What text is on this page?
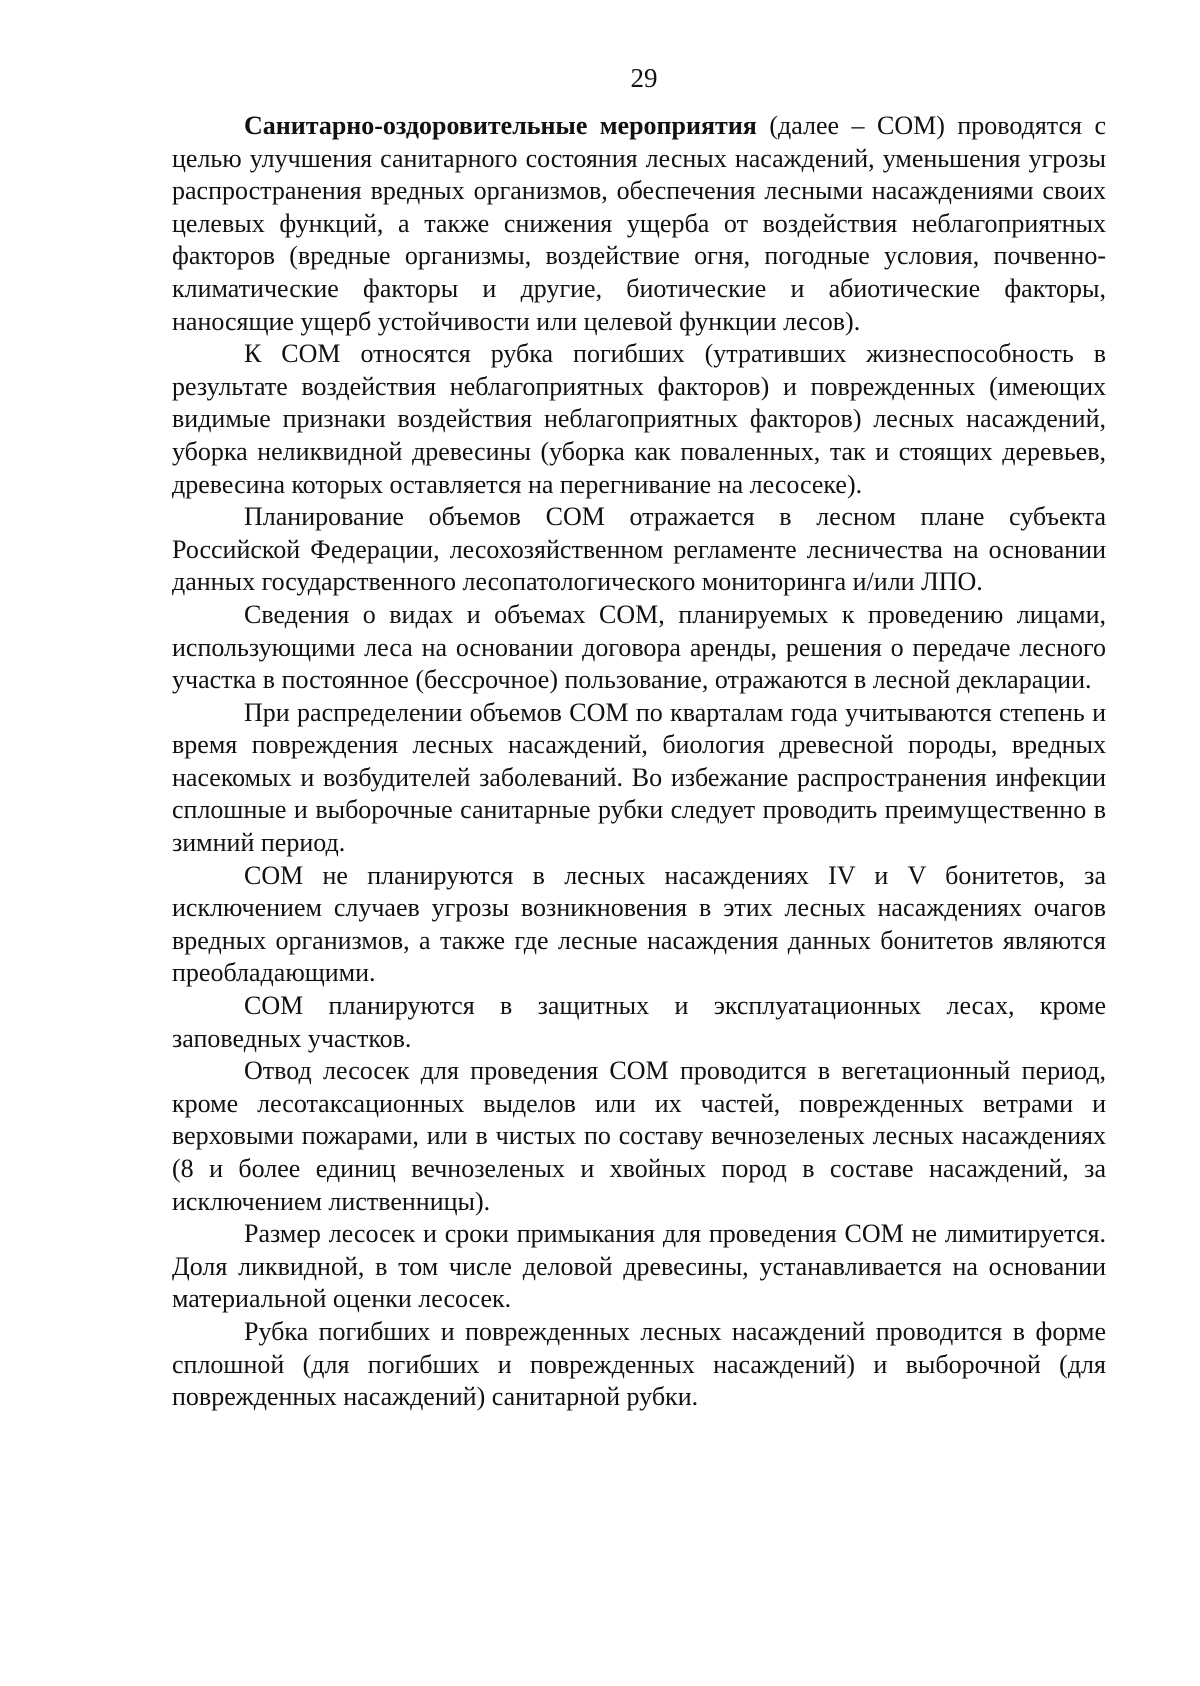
29

Санитарно-оздоровительные мероприятия (далее – СОМ) проводятся с целью улучшения санитарного состояния лесных насаждений, уменьшения угрозы распространения вредных организмов, обеспечения лесными насаждениями своих целевых функций, а также снижения ущерба от воздействия неблагоприятных факторов (вредные организмы, воздействие огня, погодные условия, почвенно-климатические факторы и другие, биотические и абиотические факторы, наносящие ущерб устойчивости или целевой функции лесов).

К СОМ относятся рубка погибших (утративших жизнеспособность в результате воздействия неблагоприятных факторов) и поврежденных (имеющих видимые признаки воздействия неблагоприятных факторов) лесных насаждений, уборка неликвидной древесины (уборка как поваленных, так и стоящих деревьев, древесина которых оставляется на перегнивание на лесосеке).

Планирование объемов СОМ отражается в лесном плане субъекта Российской Федерации, лесохозяйственном регламенте лесничества на основании данных государственного лесопатологического мониторинга и/или ЛПО.

Сведения о видах и объемах СОМ, планируемых к проведению лицами, использующими леса на основании договора аренды, решения о передаче лесного участка в постоянное (бессрочное) пользование, отражаются в лесной декларации.

При распределении объемов СОМ по кварталам года учитываются степень и время повреждения лесных насаждений, биология древесной породы, вредных насекомых и возбудителей заболеваний. Во избежание распространения инфекции сплошные и выборочные санитарные рубки следует проводить преимущественно в зимний период.

СОМ не планируются в лесных насаждениях IV и V бонитетов, за исключением случаев угрозы возникновения в этих лесных насаждениях очагов вредных организмов, а также где лесные насаждения данных бонитетов являются преобладающими.

СОМ планируются в защитных и эксплуатационных лесах, кроме заповедных участков.

Отвод лесосек для проведения СОМ проводится в вегетационный период, кроме лесотаксационных выделов или их частей, поврежденных ветрами и верховыми пожарами, или в чистых по составу вечнозеленых лесных насаждениях (8 и более единиц вечнозеленых и хвойных пород в составе насаждений, за исключением лиственницы).

Размер лесосек и сроки примыкания для проведения СОМ не лимитируется. Доля ликвидной, в том числе деловой древесины, устанавливается на основании материальной оценки лесосек.

Рубка погибших и поврежденных лесных насаждений проводится в форме сплошной (для погибших и поврежденных насаждений) и выборочной (для поврежденных насаждений) санитарной рубки.
